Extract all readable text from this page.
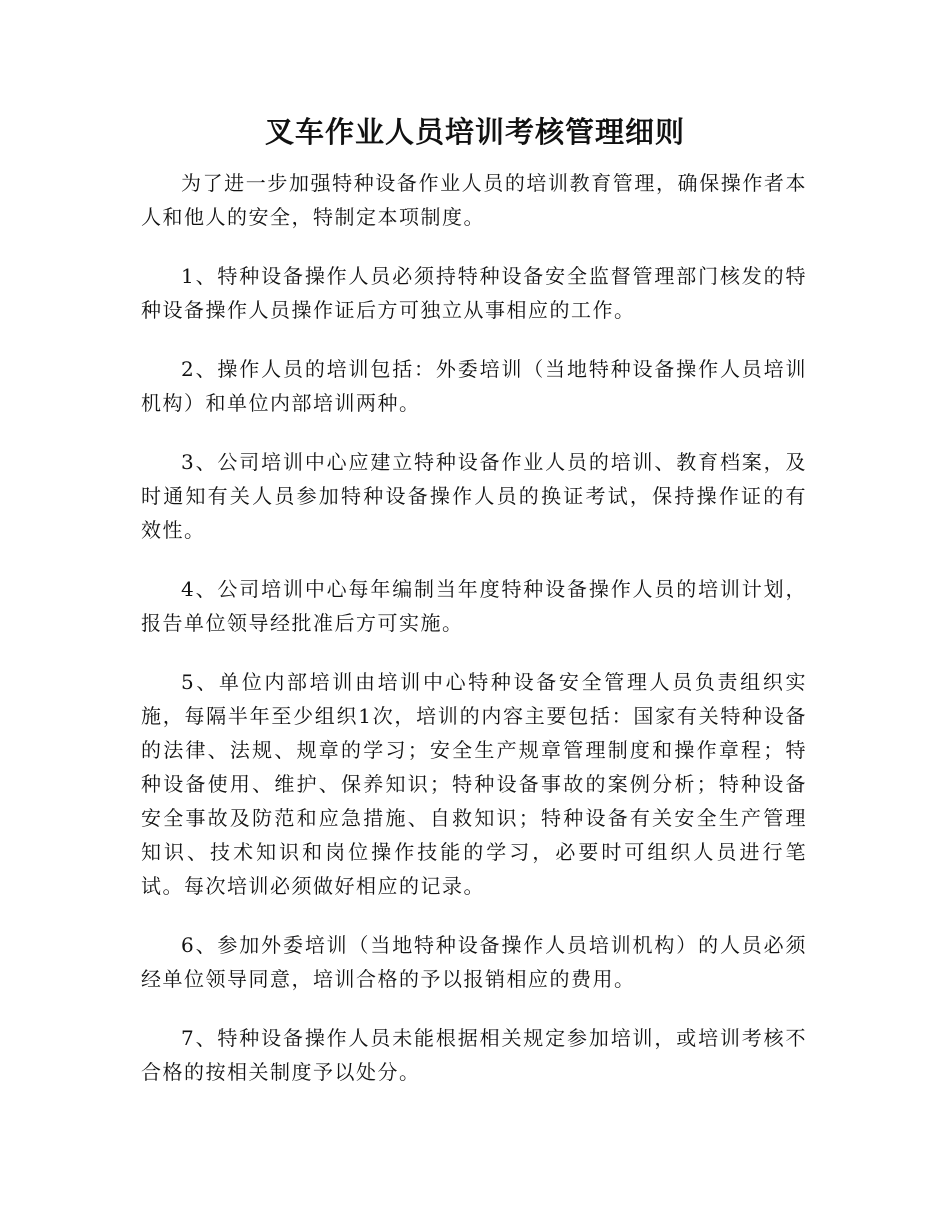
叉车作业人员培训考核管理细则

为了进一步加强特种设备作业人员的培训教育管理，确保操作者本人和他人的安全，特制定本项制度。

1、特种设备操作人员必须持特种设备安全监督管理部门核发的特种设备操作人员操作证后方可独立从事相应的工作。

2、操作人员的培训包括：外委培训（当地特种设备操作人员培训机构）和单位内部培训两种。

3、公司培训中心应建立特种设备作业人员的培训、教育档案，及时通知有关人员参加特种设备操作人员的换证考试，保持操作证的有效性。

4、公司培训中心每年编制当年度特种设备操作人员的培训计划，报告单位领导经批准后方可实施。

5、单位内部培训由培训中心特种设备安全管理人员负责组织实施，每隔半年至少组织1次，培训的内容主要包括：国家有关特种设备的法律、法规、规章的学习；安全生产规章管理制度和操作章程；特种设备使用、维护、保养知识；特种设备事故的案例分析；特种设备安全事故及防范和应急措施、自救知识；特种设备有关安全生产管理知识、技术知识和岗位操作技能的学习，必要时可组织人员进行笔试。每次培训必须做好相应的记录。

6、参加外委培训（当地特种设备操作人员培训机构）的人员必须经单位领导同意，培训合格的予以报销相应的费用。

7、特种设备操作人员未能根据相关规定参加培训，或培训考核不合格的按相关制度予以处分。
